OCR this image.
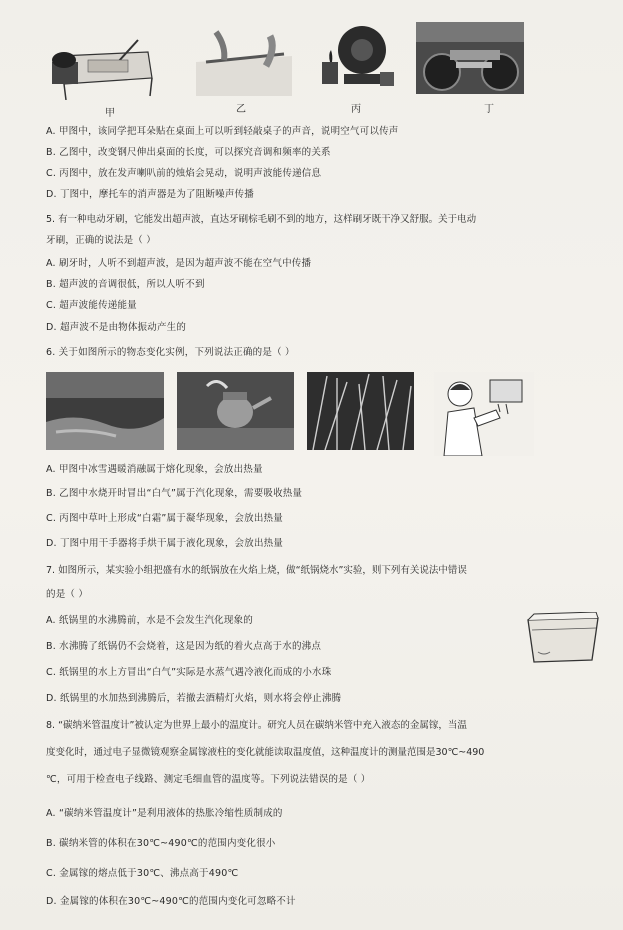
甲	乙	丙	丁
A. 甲图中，该同学把耳朵贴在桌面上可以听到轻敲桌子的声音，说明空气可以传声
B. 乙图中，改变钢尺伸出桌面的长度，可以探究音调和频率的关系
C. 丙图中，放在发声喇叭前的烛焰会晃动，说明声波能传递信息
D. 丁图中，摩托车的消声器是为了阻断噪声传播
5. 有一种电动牙刷，它能发出超声波，直达牙刷棕毛刷不到的地方，这样刷牙既干净又舒服。关于电动
牙刷，正确的说法是（ ）
A. 刷牙时，人听不到超声波，是因为超声波不能在空气中传播
B. 超声波的音调很低，所以人听不到
C. 超声波能传递能量
D. 超声波不是由物体振动产生的
6. 关于如图所示的物态变化实例，下列说法正确的是（ ）
A. 甲图中冰雪遇暖消融属于熔化现象，会放出热量
B. 乙图中水烧开时冒出“白气”属于汽化现象，需要吸收热量
C. 丙图中草叶上形成“白霜”属于凝华现象，会放出热量
D. 丁图中用干手器将手烘干属于液化现象，会放出热量
7. 如图所示，某实验小组把盛有水的纸锅放在火焰上烧，做“纸锅烧水”实验，则下列有关说法中错误
的是（ ）
A. 纸锅里的水沸腾前，水是不会发生汽化现象的
B. 水沸腾了纸锅仍不会烧着，这是因为纸的着火点高于水的沸点
C. 纸锅里的水上方冒出“白气”实际是水蒸气遇冷液化而成的小水珠
D. 纸锅里的水加热到沸腾后，若撤去酒精灯火焰，则水将会停止沸腾
8. “碳纳米管温度计”被认定为世界上最小的温度计。研究人员在碳纳米管中充入液态的金属镓，当温
度变化时，通过电子显微镜观察金属镓液柱的变化就能读取温度值，这种温度计的测量范围是30℃~490
℃，可用于检查电子线路、测定毛细血管的温度等。下列说法错误的是（ ）
A. “碳纳米管温度计”是利用液体的热胀冷缩性质制成的
B. 碳纳米管的体积在30℃~490℃的范围内变化很小
C. 金属镓的熔点低于30℃、沸点高于490℃
D. 金属镓的体积在30℃~490℃的范围内变化可忽略不计
